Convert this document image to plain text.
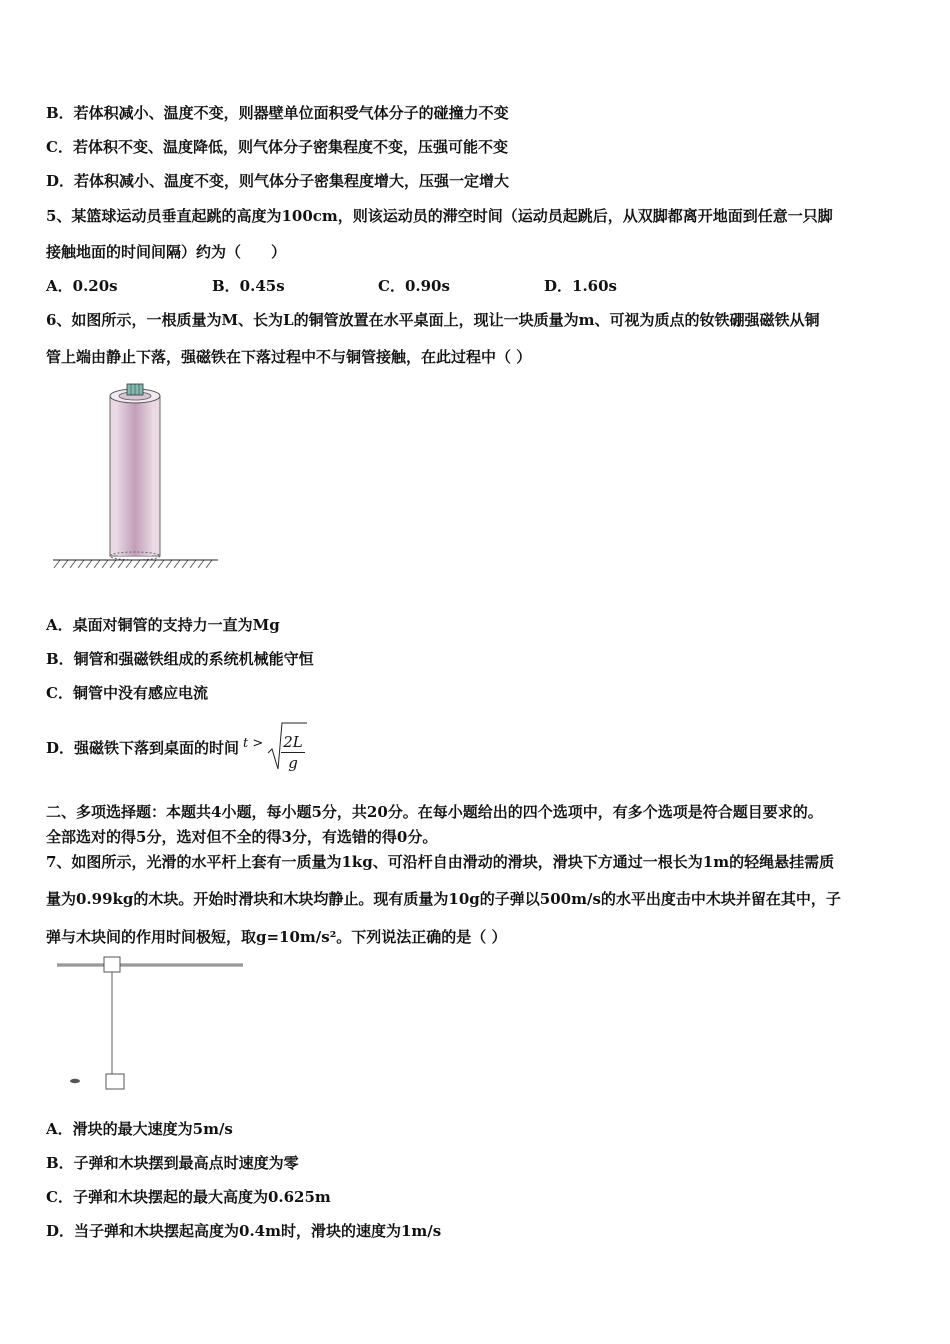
B．若体积减小、温度不变，则器壁单位面积受气体分子的碰撞力不变
C．若体积不变、温度降低，则气体分子密集程度不变，压强可能不变
D．若体积减小、温度不变，则气体分子密集程度增大，压强一定增大
5、某篮球运动员垂直起跳的高度为100cm，则该运动员的滞空时间（运动员起跳后，从双脚都离开地面到任意一只脚
接触地面的时间间隔）约为（　　）
A．0.20s	B．0.45s	C．0.90s	D．1.60s
6、如图所示，一根质量为M、长为L的铜管放置在水平桌面上，现让一块质量为m、可视为质点的钕铁硼强磁铁从铜
管上端由静止下落，强磁铁在下落过程中不与铜管接触，在此过程中（ ）
A．桌面对铜管的支持力一直为Mg
B．铜管和强磁铁组成的系统机械能守恒
C．铜管中没有感应电流
D．强磁铁下落到桌面的时间 $t > \frac{2L}{g}$
二、多项选择题：本题共4小题，每小题5分，共20分。在每小题给出的四个选项中，有多个选项是符合题目要求的。
全部选对的得5分，选对但不全的得3分，有选错的得0分。
7、如图所示，光滑的水平杆上套有一质量为1kg、可沿杆自由滑动的滑块，滑块下方通过一根长为1m的轻绳悬挂需质
量为0.99kg的木块。开始时滑块和木块均静止。现有质量为10g的子弹以500m/s的水平出度击中木块并留在其中，子
弹与木块间的作用时间极短，取g=10m/s²。下列说法正确的是（ ）
A．滑块的最大速度为5m/s
B．子弹和木块摆到最高点时速度为零
C．子弹和木块摆起的最大高度为0.625m
D．当子弹和木块摆起高度为0.4m时，滑块的速度为1m/s
